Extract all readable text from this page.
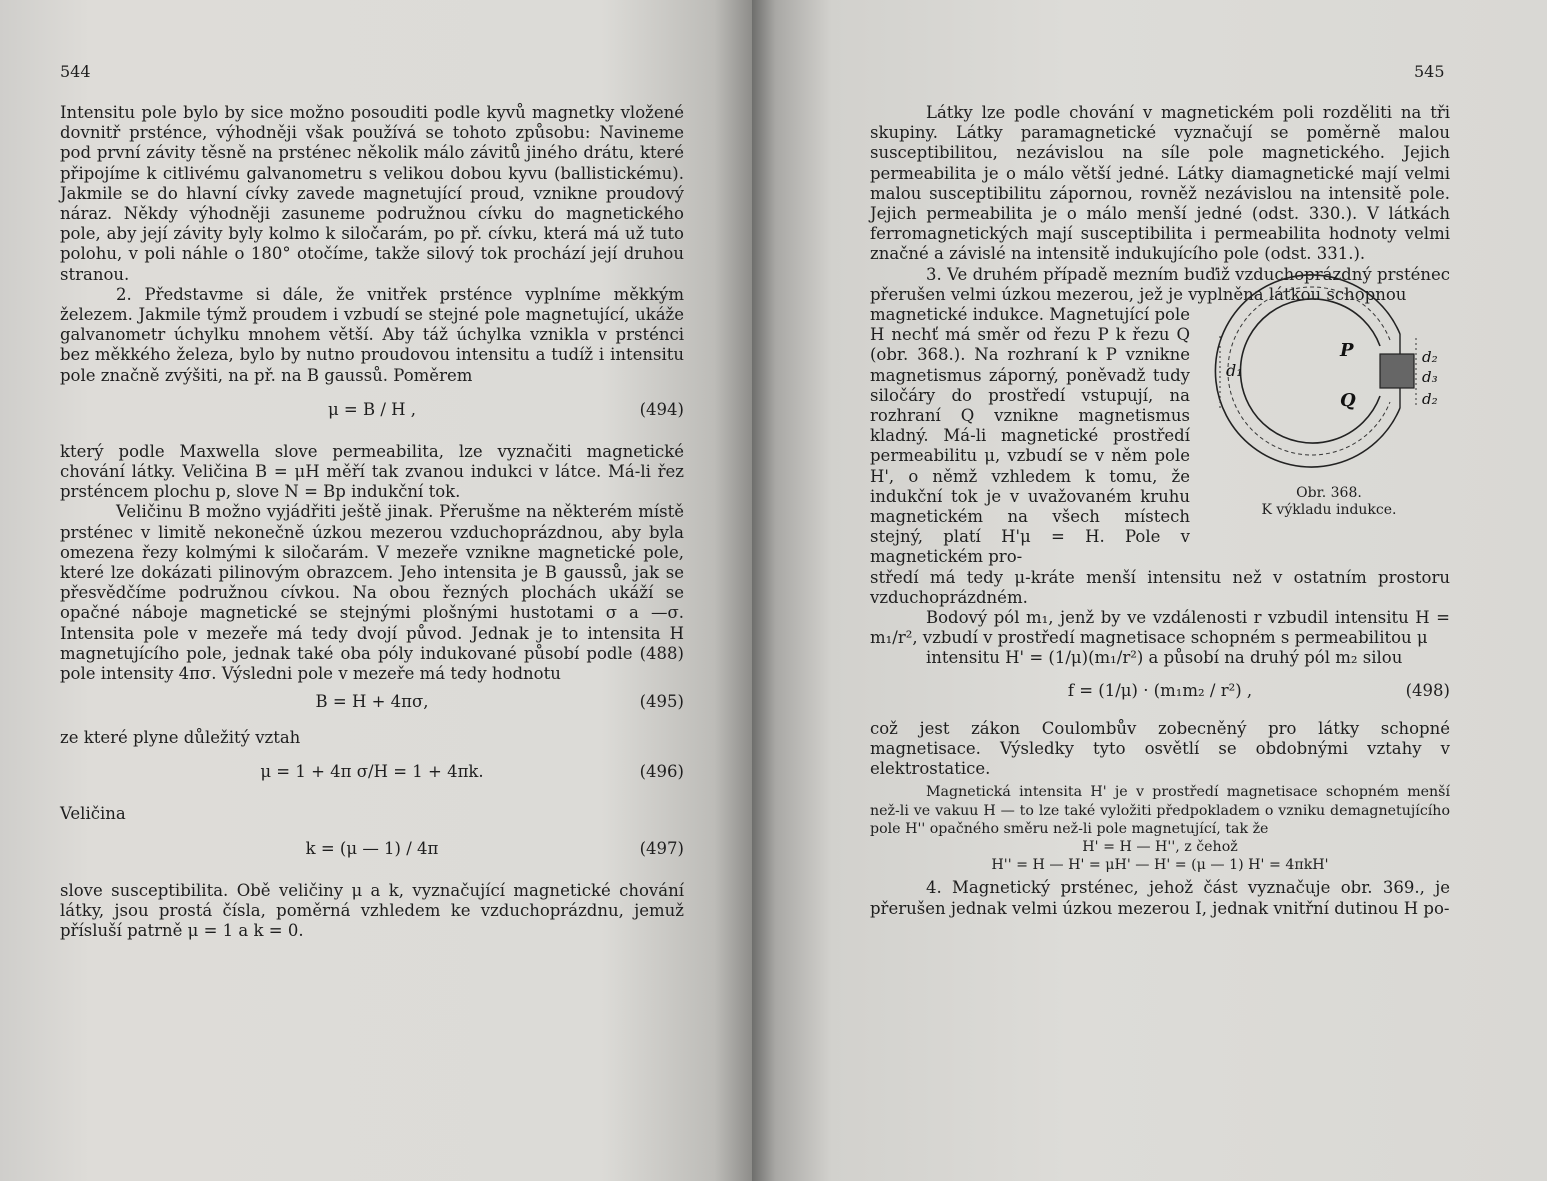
544

Intensitu pole bylo by sice možno posouditi podle kyvů magnetky vložené dovnitř prsténce, výhodněji však používá se tohoto způsobu: Navineme pod první závity těsně na prsténec několik málo závitů jiného drátu, které připojíme k citlivému galvanometru s velikou dobou kyvu (ballistickému). Jakmile se do hlavní cívky zavede magnetující proud, vznikne proudový náraz. Někdy výhodněji zasuneme podružnou cívku do magnetického pole, aby její závity byly kolmo k siločarám, po př. cívku, která má už tuto polohu, v poli náhle o 180° otočíme, takže silový tok prochází její druhou stranou.

2. Představme si dále, že vnitřek prsténce vyplníme měkkým železem. Jakmile týmž proudem i vzbudí se stejné pole magnetující, ukáže galvanometr úchylku mnohem větší. Aby táž úchylka vznikla v prsténci bez měkkého železa, bylo by nutno proudovou intensitu a tudíž i intensitu pole značně zvýšiti, na př. na B gaussů. Poměrem

μ = B / H ,	(494)

který podle Maxwella slove permeabilita, lze vyznačiti magnetické chování látky. Veličina B = μH měří tak zvanou indukci v látce. Má-li řez prsténcem plochu p, slove N = Bp indukční tok.

Veličinu B možno vyjádřiti ještě jinak. Přerušme na některém místě prsténec v limitě nekonečně úzkou mezerou vzduchoprázdnou, aby byla omezena řezy kolmými k siločarám. V mezeře vznikne magnetické pole, které lze dokázati pilinovým obrazcem. Jeho intensita je B gaussů, jak se přesvědčíme podružnou cívkou. Na obou řezných plochách ukáží se opačné náboje magnetické se stejnými plošnými hustotami σ a —σ. Intensita pole v mezeře má tedy dvojí původ. Jednak je to intensita H magnetujícího pole, jednak také oba póly indukované působí podle (488) pole intensity 4πσ. Výsledni pole v mezeře má tedy hodnotu

B = H + 4πσ,	(495)

ze které plyne důležitý vztah

μ = 1 + 4π σ/H = 1 + 4πk.	(496)

Veličina

k = (μ — 1) / 4π	(497)

slove susceptibilita. Obě veličiny μ a k, vyznačující magnetické chování látky, jsou prostá čísla, poměrná vzhledem ke vzduchoprázdnu, jemuž přísluší patrně μ = 1 a k = 0.

545

Látky lze podle chování v magnetickém poli rozděliti na tři skupiny. Látky paramagnetické vyznačují se poměrně malou susceptibilitou, nezávislou na síle pole magnetického. Jejich permeabilita je o málo větší jedné. Látky diamagnetické mají velmi malou susceptibilitu zápornou, rovněž nezávislou na intensitě pole. Jejich permeabilita je o málo menší jedné (odst. 330.). V látkách ferromagnetických mají susceptibilita i permeabilita hodnoty velmi značné a závislé na intensitě indukujícího pole (odst. 331.).

3. Ve druhém případě mezním buďiž vzduchoprázdný prsténec přerušen velmi úzkou mezerou, jež je vyplněna látkou schopnou

magnetické indukce. Magnetující pole H nechť má směr od řezu P k řezu Q (obr. 368.). Na rozhraní k P vznikne magnetismus záporný, poněvadž tudy siločáry do prostředí vstupují, na rozhraní Q vznikne magnetismus kladný. Má-li magnetické prostředí permeabilitu μ, vzbudí se v něm pole H', o němž vzhledem k tomu, že indukční tok je v uvažovaném kruhu magnetickém na všech místech stejný, platí H'μ = H. Pole v magnetickém pro-

středí má tedy μ-kráte menší intensitu než v ostatním prostoru vzduchoprázdném.

Bodový pól m₁, jenž by ve vzdálenosti r vzbudil intensitu H = m₁/r², vzbudí v prostředí magnetisace schopném s permeabilitou μ

intensitu H' = (1/μ)(m₁/r²) a působí na druhý pól m₂ silou

f = (1/μ) · (m₁m₂ / r²) ,	(498)

což jest zákon Coulombův zobecněný pro látky schopné magnetisace. Výsledky tyto osvětlí se obdobnými vztahy v elektrostatice.

Magnetická intensita H' je v prostředí magnetisace schopném menší než-li ve vakuu H — to lze také vyložiti předpokladem o vzniku demagnetujícího pole H'' opačného směru než-li pole magnetující, tak že

H' = H — H'', z čehož

H'' = H — H' = μH' — H' = (μ — 1) H' = 4πkH'

4. Magnetický prsténec, jehož část vyznačuje obr. 369., je přerušen jednak velmi úzkou mezerou I, jednak vnitřní dutinou H po-

P
Q
d₁
d₂
d₃
d₂
Obr. 368.
K výkladu indukce.
